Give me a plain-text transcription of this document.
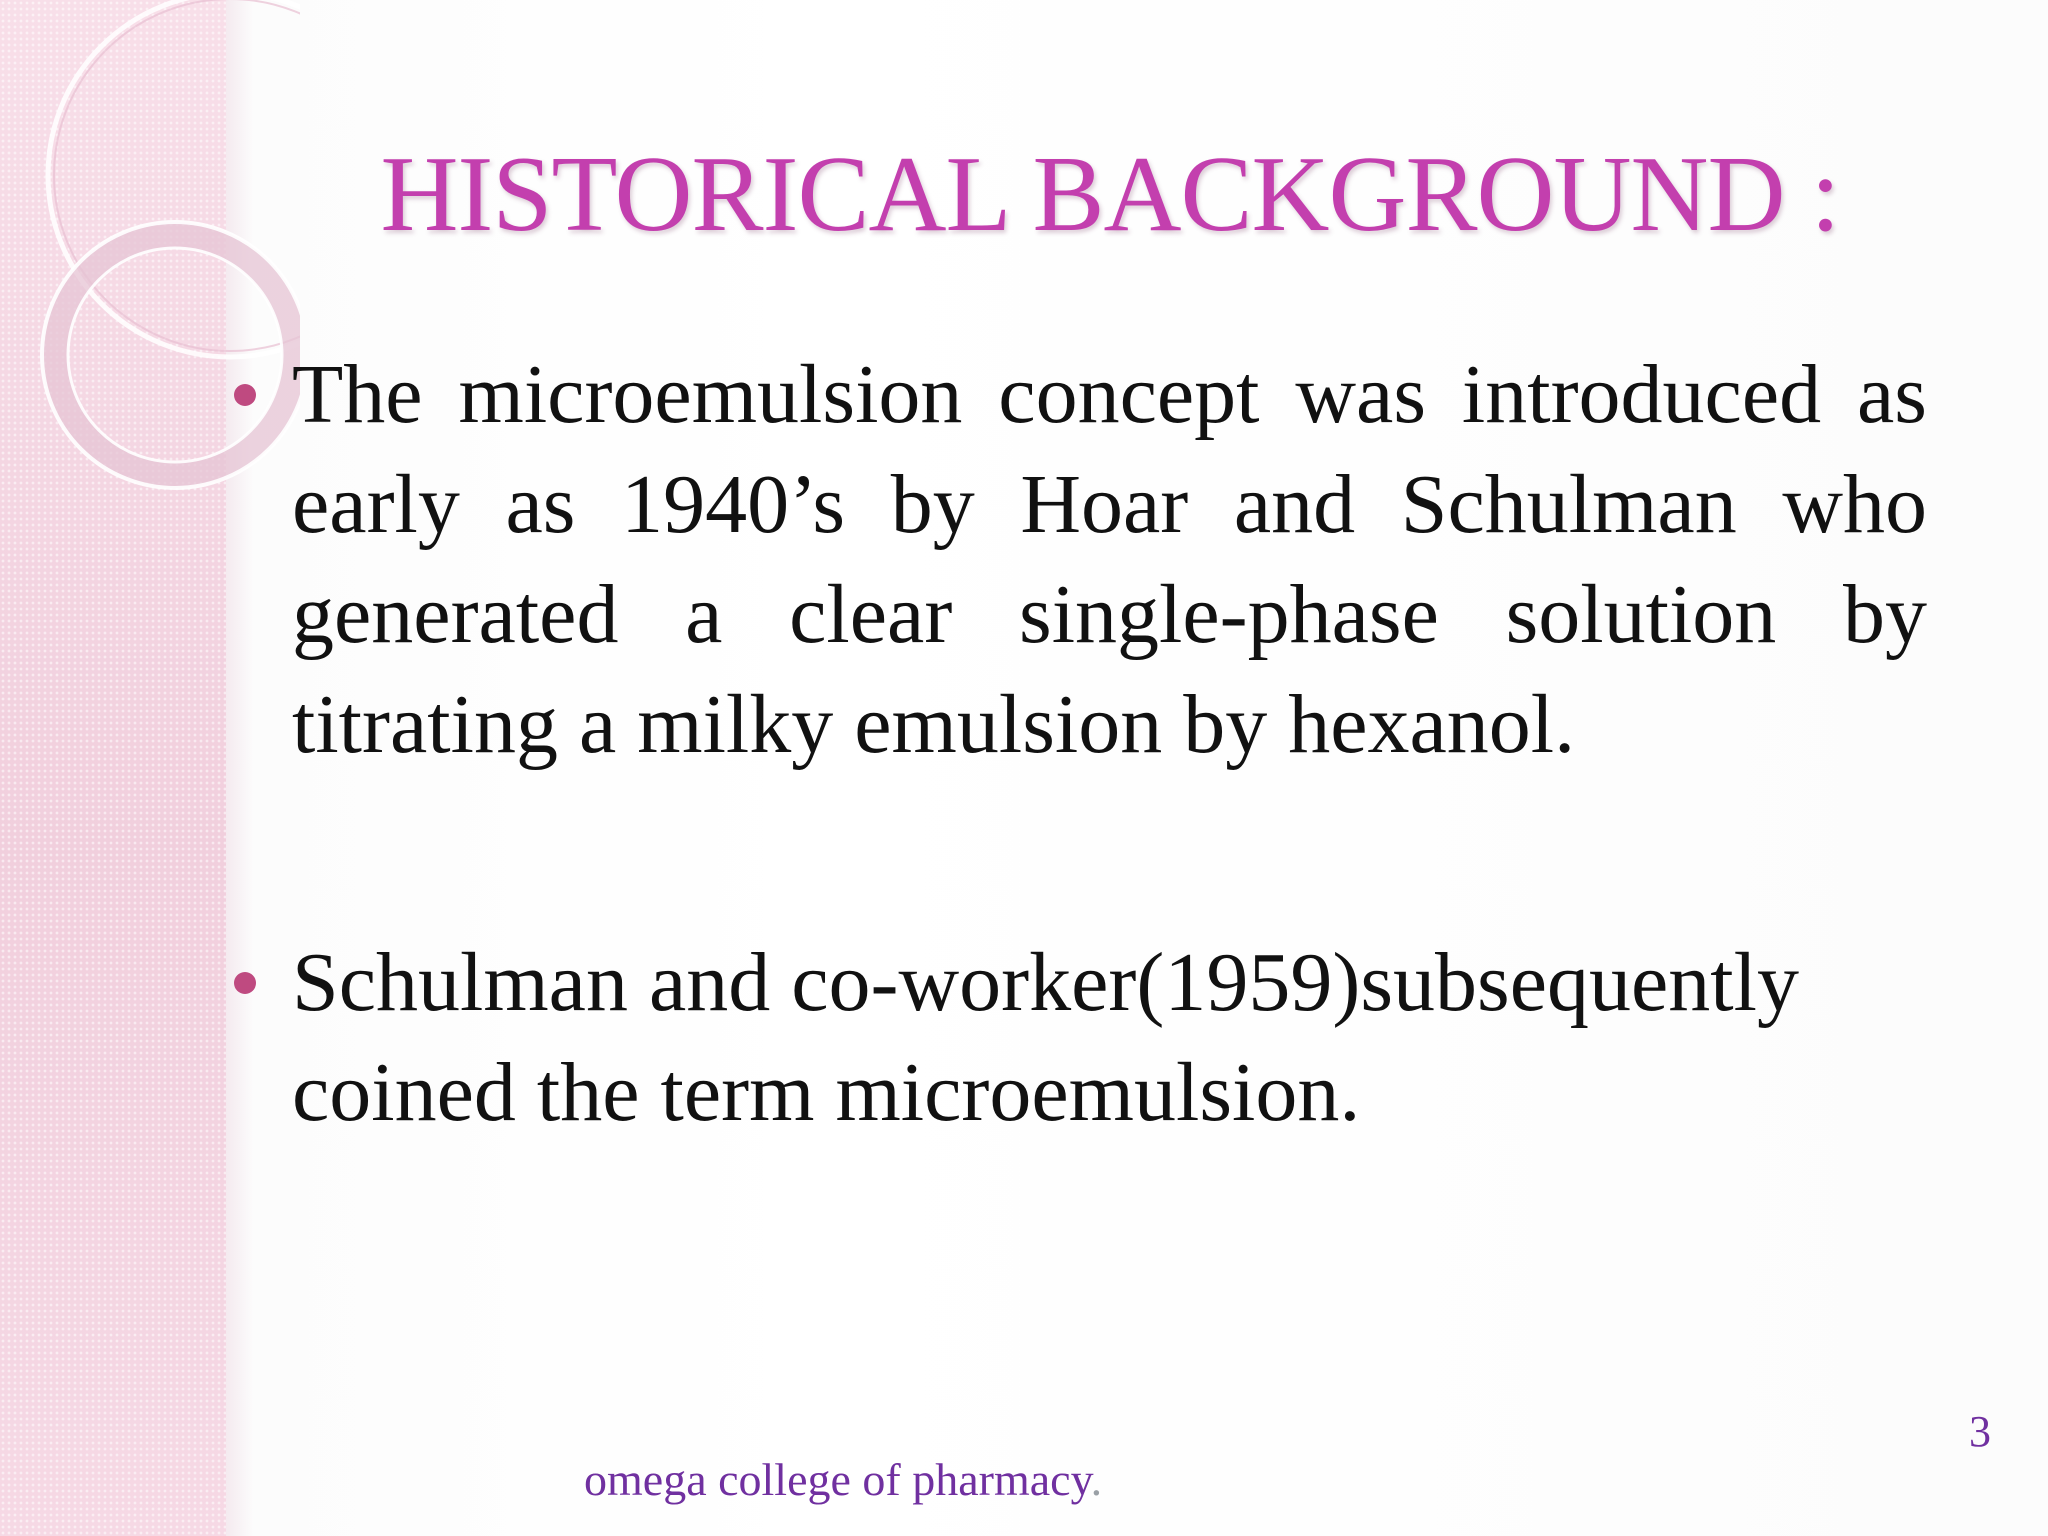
HISTORICAL BACKGROUND :
The microemulsion concept was introduced as early as 1940’s by Hoar and Schulman who generated a clear single-phase solution by titrating a milky emulsion by hexanol.
Schulman and co-worker(1959)subsequently coined the term microemulsion.
omega college of pharmacy.
3
